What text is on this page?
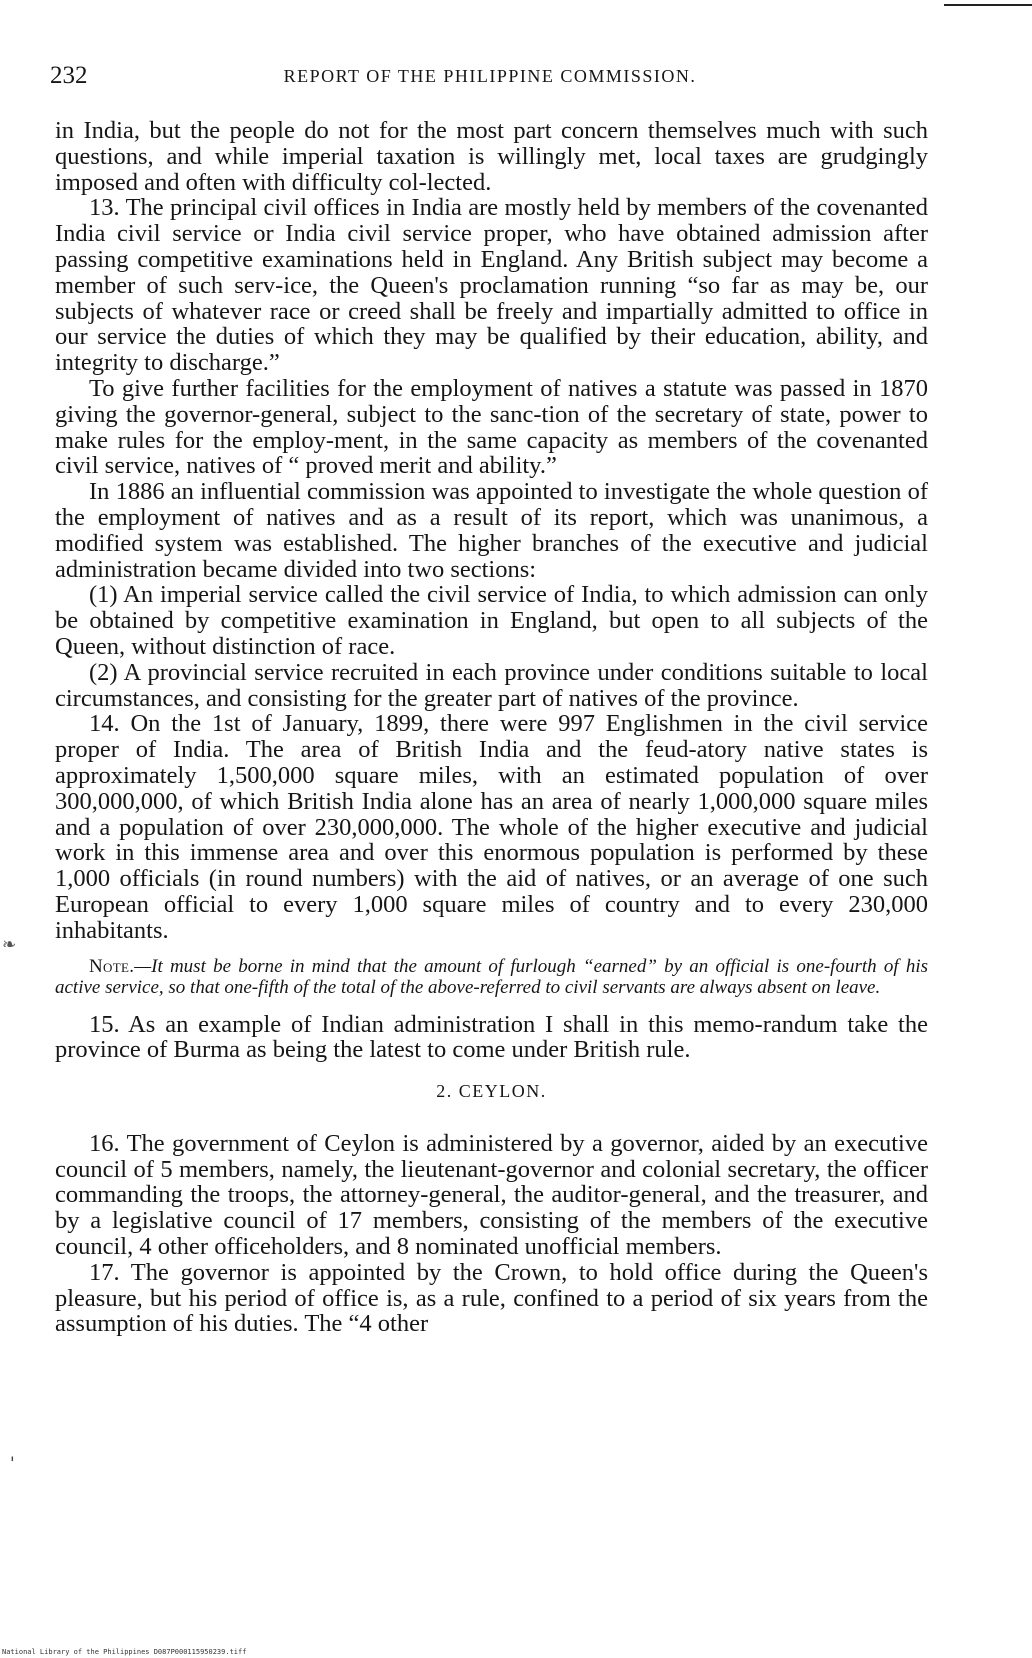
232	REPORT OF THE PHILIPPINE COMMISSION.
❧
'

in India, but the people do not for the most part concern themselves much with such questions, and while imperial taxation is willingly met, local taxes are grudgingly imposed and often with difficulty col-lected.

13. The principal civil offices in India are mostly held by members of the covenanted India civil service or India civil service proper, who have obtained admission after passing competitive examinations held in England. Any British subject may become a member of such serv-ice, the Queen's proclamation running “so far as may be, our subjects of whatever race or creed shall be freely and impartially admitted to office in our service the duties of which they may be qualified by their education, ability, and integrity to discharge.”

To give further facilities for the employment of natives a statute was passed in 1870 giving the governor-general, subject to the sanc-tion of the secretary of state, power to make rules for the employ-ment, in the same capacity as members of the covenanted civil service, natives of “ proved merit and ability.”

In 1886 an influential commission was appointed to investigate the whole question of the employment of natives and as a result of its report, which was unanimous, a modified system was established. The higher branches of the executive and judicial administration became divided into two sections:

(1) An imperial service called the civil service of India, to which admission can only be obtained by competitive examination in England, but open to all subjects of the Queen, without distinction of race.

(2) A provincial service recruited in each province under conditions suitable to local circumstances, and consisting for the greater part of natives of the province.

14. On the 1st of January, 1899, there were 997 Englishmen in the civil service proper of India. The area of British India and the feud-atory native states is approximately 1,500,000 square miles, with an estimated population of over 300,000,000, of which British India alone has an area of nearly 1,000,000 square miles and a population of over 230,000,000. The whole of the higher executive and judicial work in this immense area and over this enormous population is performed by these 1,000 officials (in round numbers) with the aid of natives, or an average of one such European official to every 1,000 square miles of country and to every 230,000 inhabitants.

Note.—It must be borne in mind that the amount of furlough “earned” by an official is one-fourth of his active service, so that one-fifth of the total of the above-referred to civil servants are always absent on leave.

15. As an example of Indian administration I shall in this memo-randum take the province of Burma as being the latest to come under British rule.

2. CEYLON.

16. The government of Ceylon is administered by a governor, aided by an executive council of 5 members, namely, the lieutenant-governor and colonial secretary, the officer commanding the troops, the attorney-general, the auditor-general, and the treasurer, and by a legislative council of 17 members, consisting of the members of the executive council, 4 other officeholders, and 8 nominated unofficial members.

17. The governor is appointed by the Crown, to hold office during the Queen's pleasure, but his period of office is, as a rule, confined to a period of six years from the assumption of his duties. The “4 other

National Library of the Philippines D087P000115950239.tiff
